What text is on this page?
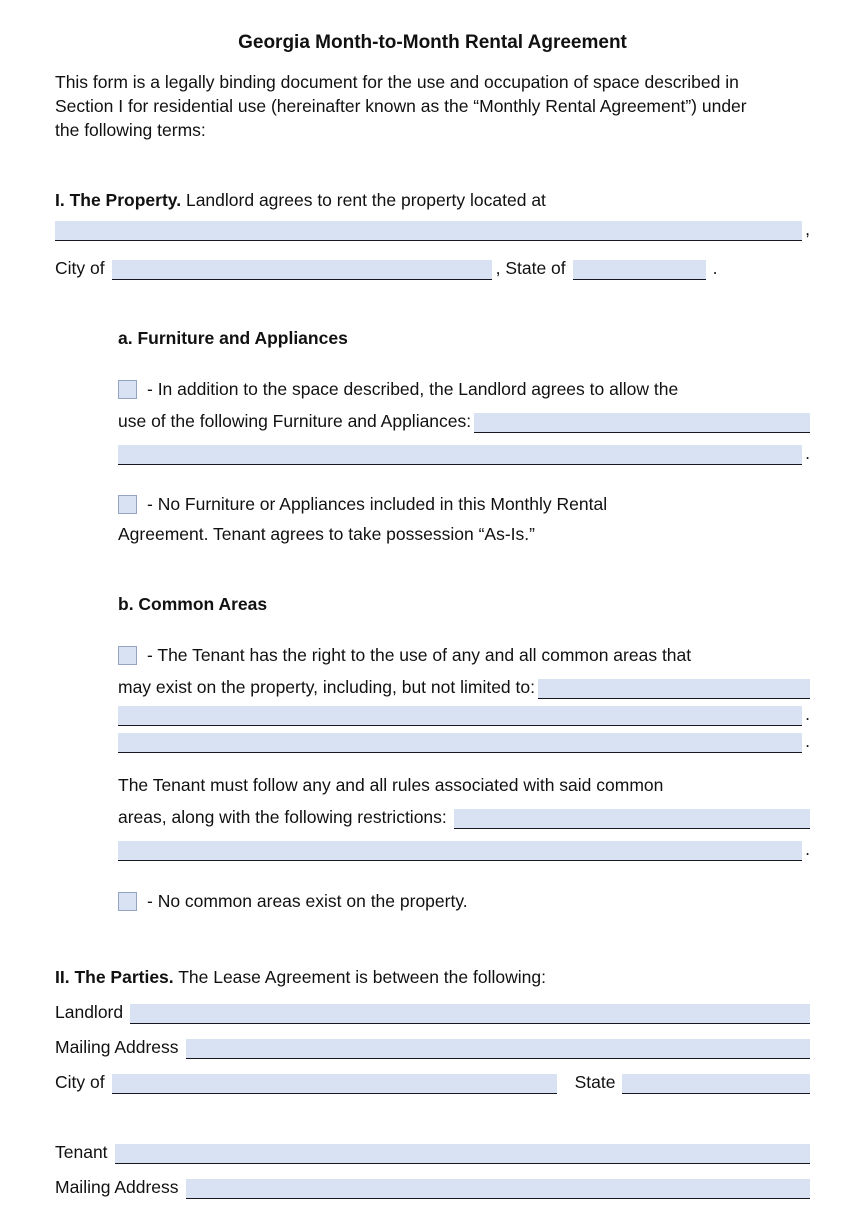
Georgia Month-to-Month Rental Agreement

This form is a legally binding document for the use and occupation of space described in Section I for residential use (hereinafter known as the “Monthly Rental Agreement”) under the following terms:

I. The Property. Landlord agrees to rent the property located at
,
City of	, State of	.
a. Furniture and Appliances
- In addition to the space described, the Landlord agrees to allow the
use of the following Furniture and Appliances:
.
- No Furniture or Appliances included in this Monthly Rental
Agreement. Tenant agrees to take possession “As-Is.”
b. Common Areas
- The Tenant has the right to the use of any and all common areas that
may exist on the property, including, but not limited to:
.
.
The Tenant must follow any and all rules associated with said common
areas, along with the following restrictions:
.
- No common areas exist on the property.
II. The Parties. The Lease Agreement is between the following:
Landlord
Mailing Address
City of	State
Tenant
Mailing Address
